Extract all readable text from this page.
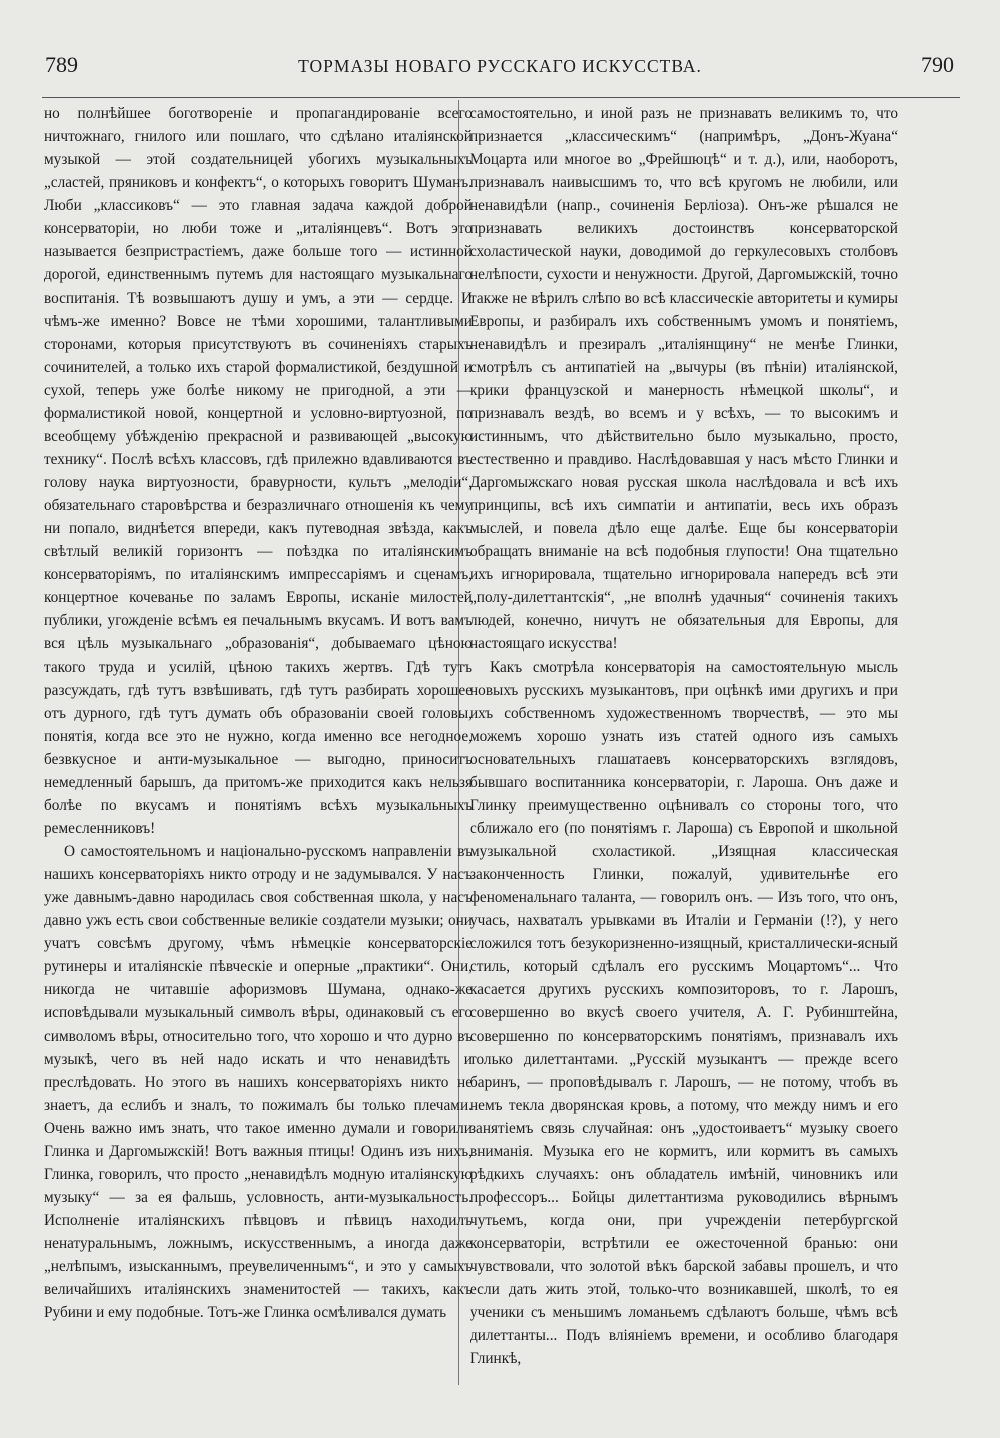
789	ТОРМАЗЫ НОВАГО РУССКАГО ИСКУССТВА.	790

но полнѣйшее боготвореніе и пропагандированіе всего ничтожнаго, гнилого или пошлаго, что сдѣлано италіянской музыкой — этой создательницей убогихъ музыкальныхъ „сластей, пряниковъ и конфектъ“, о которыхъ говоритъ Шуманъ. Люби „классиковъ“ — это главная задача каждой доброй консерваторіи, но люби тоже и „италіянцевъ“. Вотъ это называется безпристрастіемъ, даже больше того — истинной дорогой, единственнымъ путемъ для настоящаго музыкальнаго воспитанія. Тѣ возвышаютъ душу и умъ, а эти — сердце. И чѣмъ-же именно? Вовсе не тѣми хорошими, талантливыми сторонами, которыя присутствуютъ въ сочиненіяхъ старыхъ сочинителей, а только ихъ старой формалистикой, бездушной и сухой, теперь уже болѣе никому не пригодной, а эти — формалистикой новой, концертной и условно-виртуозной, по всеобщему убѣжденію прекрасной и развивающей „высокую технику“. Послѣ всѣхъ классовъ, гдѣ прилежно вдавливаются въ голову наука виртуозности, бравурности, культъ „мелодіи“, обязательнаго старовѣрства и безразличнаго отношенія къ чему ни попало, виднѣется впереди, какъ путеводная звѣзда, какъ свѣтлый великій горизонтъ — поѣздка по италіянскимъ консерваторіямъ, по италіянскимъ импрессаріямъ и сценамъ, концертное кочеванье по заламъ Европы, исканіе милостей публики, угожденіе всѣмъ ея печальнымъ вкусамъ. И вотъ вамъ вся цѣль музыкальнаго „образованія“, добываемаго цѣною такого труда и усилій, цѣною такихъ жертвъ. Гдѣ тутъ разсуждать, гдѣ тутъ взвѣшивать, гдѣ тутъ разбирать хорошее отъ дурного, гдѣ тутъ думать объ образованіи своей головы, понятія, когда все это не нужно, когда именно все негодное, безвкусное и анти-музыкальное — выгодно, приноситъ немедленный барышъ, да притомъ-же приходится какъ нельзя болѣе по вкусамъ и понятіямъ всѣхъ музыкальныхъ ремесленниковъ!

О самостоятельномъ и національно-русскомъ направленіи въ нашихъ консерваторіяхъ никто отроду и не задумывался. У насъ уже давнымъ-давно народилась своя собственная школа, у насъ давно ужъ есть свои собственные великіе создатели музыки; они учатъ совсѣмъ другому, чѣмъ нѣмецкіе консерваторскіе рутинеры и италіянскіе пѣвческіе и оперные „практики“. Они, никогда не читавшіе афоризмовъ Шумана, однако-же исповѣдывали музыкальный символъ вѣры, одинаковый съ его символомъ вѣры, относительно того, что хорошо и что дурно въ музыкѣ, чего въ ней надо искать и что ненавидѣть и преслѣдовать. Но этого въ нашихъ консерваторіяхъ никто не знаетъ, да еслибъ и зналъ, то пожималъ бы только плечами. Очень важно имъ знать, что такое именно думали и говорили Глинка и Даргомыжскій! Вотъ важныя птицы! Одинъ изъ нихъ, Глинка, говорилъ, что просто „ненавидѣлъ модную италіянскую музыку“ — за ея фальшь, условность, анти-музыкальность. Исполненіе италіянскихъ пѣвцовъ и пѣвицъ находилъ ненатуральнымъ, ложнымъ, искусственнымъ, а иногда даже „нелѣпымъ, изысканнымъ, преувеличеннымъ“, и это у самыхъ величайшихъ италіянскихъ знаменитостей — такихъ, какъ Рубини и ему подобные. Тотъ-же Глинка осмѣливался думать

самостоятельно, и иной разъ не признавать великимъ то, что признается „классическимъ“ (напримѣръ, „Донъ-Жуана“ Моцарта или многое во „Фрейшюцѣ“ и т. д.), или, наоборотъ, признавалъ наивысшимъ то, что всѣ кругомъ не любили, или ненавидѣли (напр., сочиненія Берліоза). Онъ-же рѣшался не признавать великихъ достоинствъ консерваторской схоластической науки, доводимой до геркулесовыхъ столбовъ нелѣпости, сухости и ненужности. Другой, Даргомыжскій, точно также не вѣрилъ слѣпо во всѣ классическіе авторитеты и кумиры Европы, и разбиралъ ихъ собственнымъ умомъ и понятіемъ, ненавидѣлъ и презиралъ „италіянщину“ не менѣе Глинки, смотрѣлъ съ антипатіей на „вычуры (въ пѣніи) италіянской, крики французской и манерность нѣмецкой школы“, и признавалъ вездѣ, во всемъ и у всѣхъ, — то высокимъ и истиннымъ, что дѣйствительно было музыкально, просто, естественно и правдиво. Наслѣдовавшая у насъ мѣсто Глинки и Даргомыжскаго новая русская школа наслѣдовала и всѣ ихъ принципы, всѣ ихъ симпатіи и антипатіи, весь ихъ образъ мыслей, и повела дѣло еще далѣе. Еще бы консерваторіи обращать вниманіе на всѣ подобныя глупости! Она тщательно ихъ игнорировала, тщательно игнорировала напередъ всѣ эти „полу-дилеттантскія“, „не вполнѣ удачныя“ сочиненія такихъ людей, конечно, ничутъ не обязательныя для Европы, для настоящаго искусства!

Какъ смотрѣла консерваторія на самостоятельную мысль новыхъ русскихъ музыкантовъ, при оцѣнкѣ ими другихъ и при ихъ собственномъ художественномъ творчествѣ, — это мы можемъ хорошо узнать изъ статей одного изъ самыхъ основательныхъ глашатаевъ консерваторскихъ взглядовъ, бывшаго воспитанника консерваторіи, г. Лароша. Онъ даже и Глинку преимущественно оцѣнивалъ со стороны того, что сближало его (по понятіямъ г. Лароша) съ Европой и школьной музыкальной схоластикой. „Изящная классическая законченность Глинки, пожалуй, удивительнѣе его феноменальнаго таланта, — говорилъ онъ. — Изъ того, что онъ, учась, нахваталъ урывками въ Италіи и Германіи (!?), у него сложился тотъ безукоризненно-изящный, кристаллически-ясный стиль, который сдѣлалъ его русскимъ Моцартомъ“... Что касается другихъ русскихъ композиторовъ, то г. Ларошъ, совершенно во вкусѣ своего учителя, А. Г. Рубинштейна, совершенно по консерваторскимъ понятіямъ, признавалъ ихъ только дилеттантами. „Русскій музыкантъ — прежде всего баринъ, — проповѣдывалъ г. Ларошъ, — не потому, чтобъ въ немъ текла дворянская кровь, а потому, что между нимъ и его занятіемъ связь случайная: онъ „удостоиваетъ“ музыку своего вниманія. Музыка его не кормитъ, или кормитъ въ самыхъ рѣдкихъ случаяхъ: онъ обладатель имѣній, чиновникъ или профессоръ... Бойцы дилеттантизма руководились вѣрнымъ чутьемъ, когда они, при учрежденіи петербургской консерваторіи, встрѣтили ее ожесточенной бранью: они чувствовали, что золотой вѣкъ барской забавы прошелъ, и что если дать жить этой, только-что возникавшей, школѣ, то ея ученики съ меньшимъ ломаньемъ сдѣлаютъ больше, чѣмъ всѣ дилеттанты... Подъ вліяніемъ времени, и особливо благодаря Глинкѣ,
